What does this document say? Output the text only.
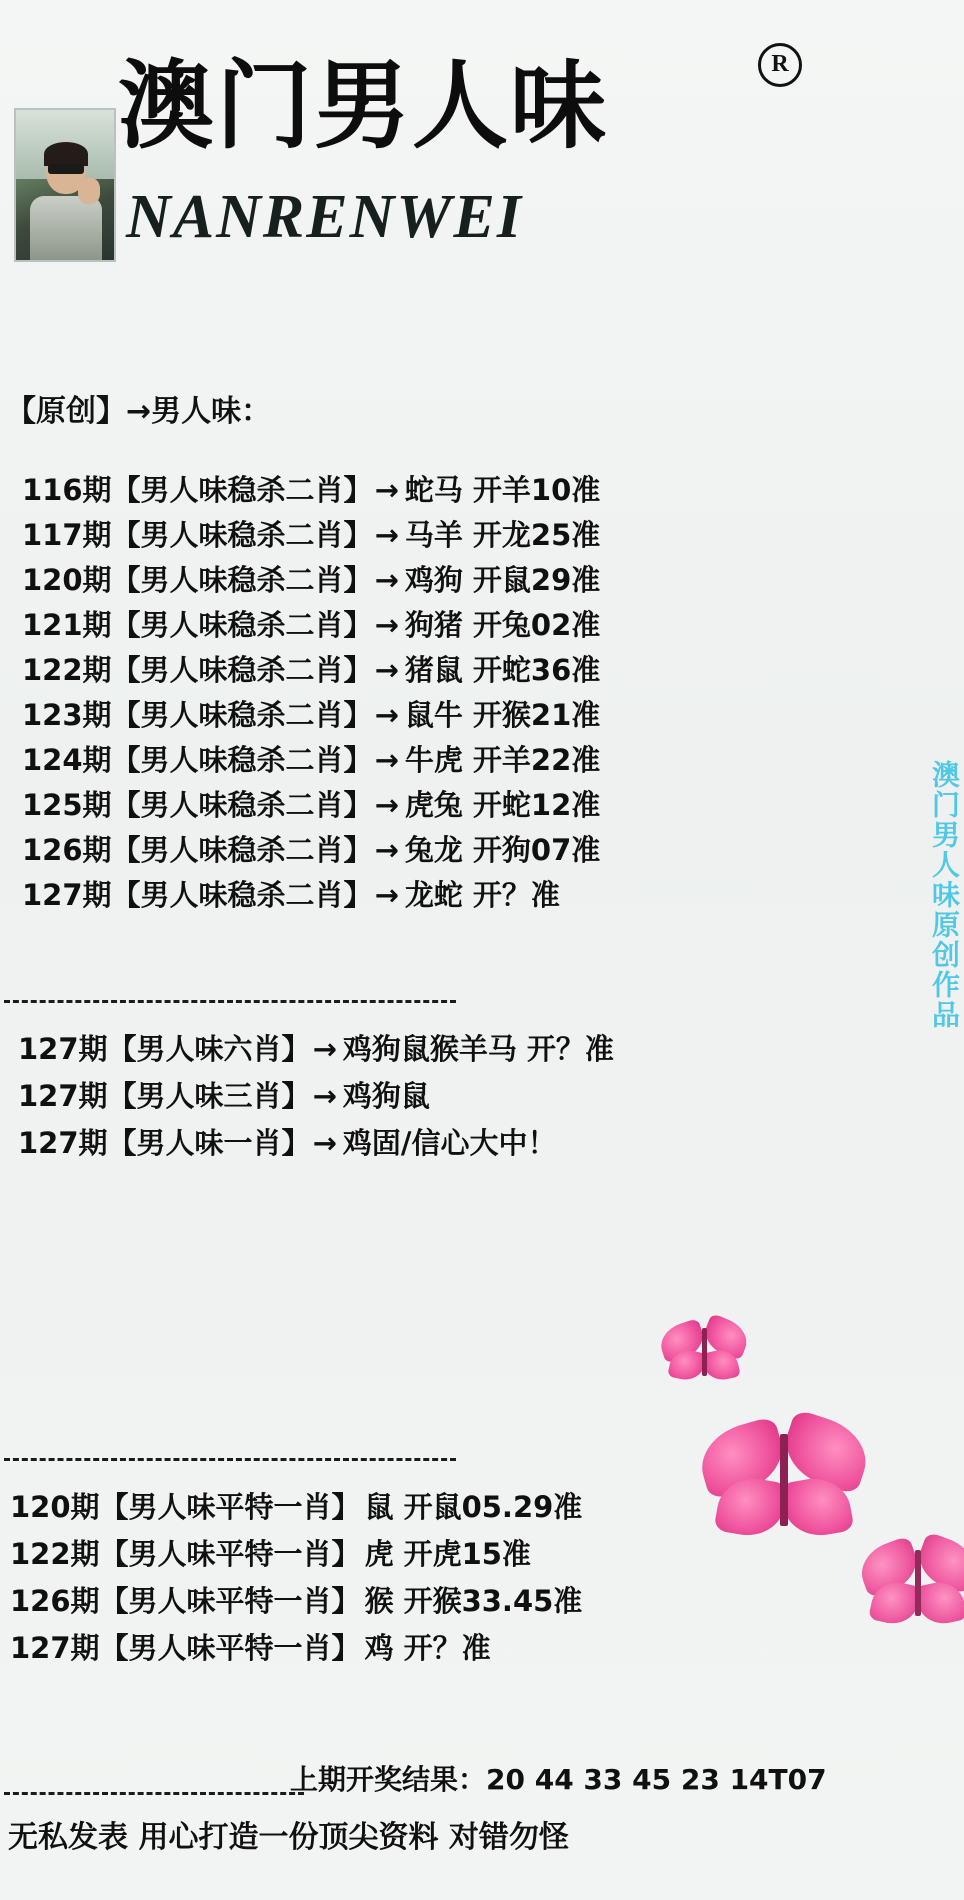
澳门男人味	R
NANRENWEI
【原创】→男人味：
116期【男人味稳杀二肖】→ 蛇马 开羊10准
117期【男人味稳杀二肖】→ 马羊 开龙25准
120期【男人味稳杀二肖】→ 鸡狗 开鼠29准
121期【男人味稳杀二肖】→ 狗猪 开兔02准
122期【男人味稳杀二肖】→ 猪鼠 开蛇36准
123期【男人味稳杀二肖】→ 鼠牛 开猴21准
124期【男人味稳杀二肖】→ 牛虎 开羊22准
125期【男人味稳杀二肖】→ 虎兔 开蛇12准
126期【男人味稳杀二肖】→ 兔龙 开狗07准
127期【男人味稳杀二肖】→ 龙蛇 开？准
127期【男人味六肖】→ 鸡狗鼠猴羊马 开？准
127期【男人味三肖】→ 鸡狗鼠
127期【男人味一肖】→ 鸡固/信心大中！
120期【男人味平特一肖】 鼠 开鼠05.29准
122期【男人味平特一肖】 虎 开虎15准
126期【男人味平特一肖】 猴 开猴33.45准
127期【男人味平特一肖】 鸡 开？准
上期开奖结果：20 44 33 45 23 14T07
无私发表 用心打造一份顶尖资料 对错勿怪
澳门男人味原创作品
